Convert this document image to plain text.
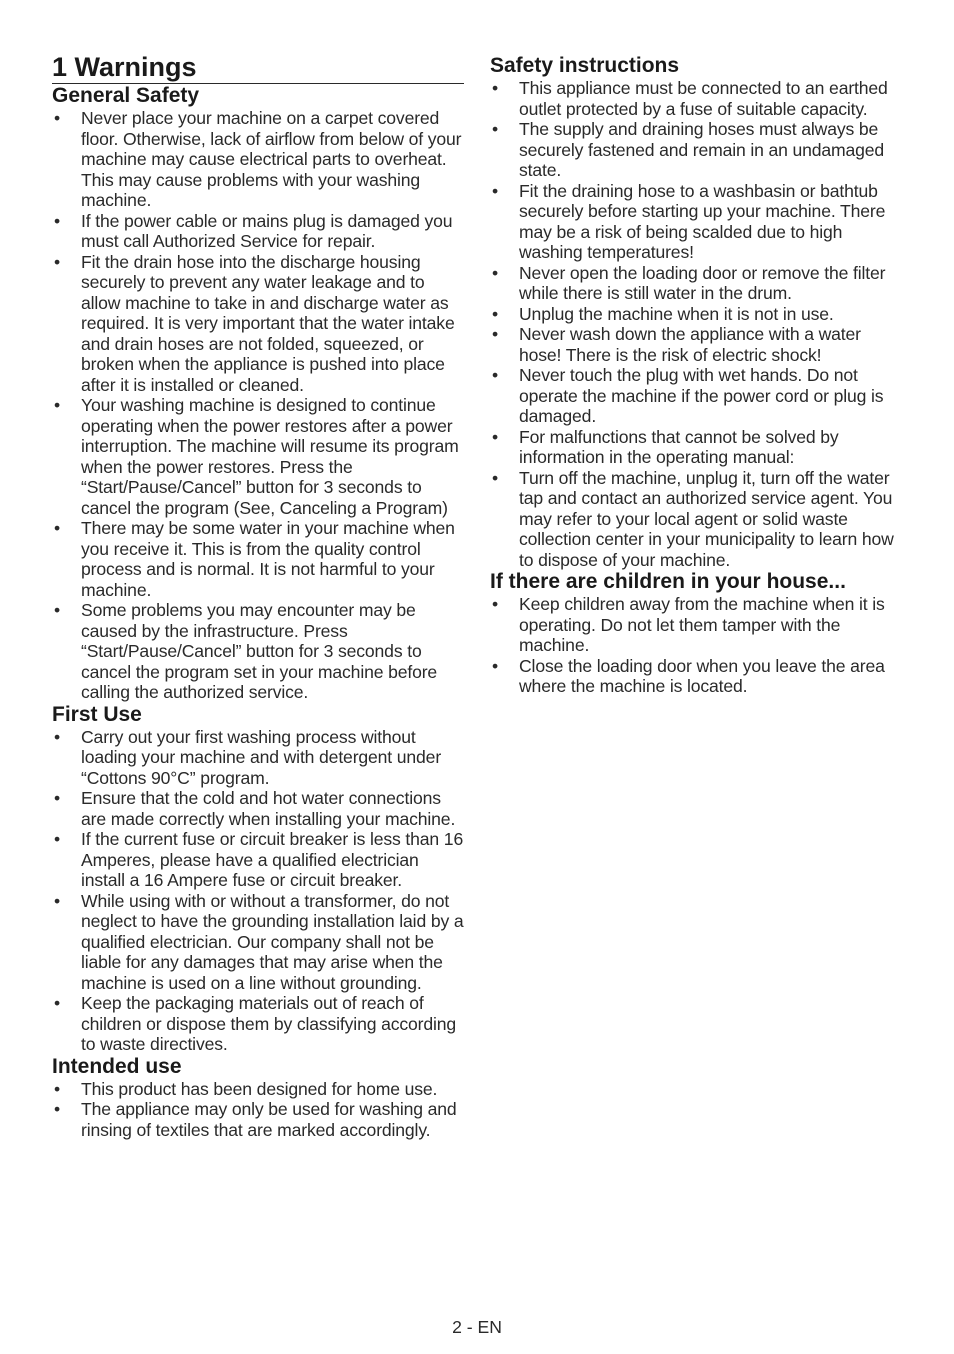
1 Warnings
General Safety
• Never place your machine on a carpet covered floor. Otherwise, lack of airflow from below of your machine may cause electrical parts to overheat. This may cause problems with your washing machine.
• If the power cable or mains plug is damaged you must call Authorized Service for repair.
• Fit the drain hose into the discharge housing securely to prevent any water leakage and to allow machine to take in and discharge water as required. It is very important that the water intake and drain hoses are not folded, squeezed, or broken when the appliance is pushed into place after it is installed or cleaned.
• Your washing machine is designed to continue operating when the power restores after a power interruption. The machine will resume its program when the power restores. Press the “Start/Pause/Cancel” button for 3 seconds to cancel the program (See, Canceling a Program)
• There may be some water in your machine when you receive it. This is from the quality control process and is normal. It is not harmful to your machine.
• Some problems you may encounter may be caused by the infrastructure. Press “Start/Pause/Cancel” button for 3 seconds to cancel the program set in your machine before calling the authorized service.
First Use
• Carry out your first washing process without loading your machine and with detergent under “Cottons 90°C” program.
• Ensure that the cold and hot water connections are made correctly when installing your machine.
• If the current fuse or circuit breaker is less than 16 Amperes, please have a qualified electrician install a 16 Ampere fuse or circuit breaker.
• While using with or without a transformer, do not neglect to have the grounding installation laid by a qualified electrician. Our company shall not be liable for any damages that may arise when the machine is used on a line without grounding.
• Keep the packaging materials out of reach of children or dispose them by classifying according to waste directives.
Intended use
• This product has been designed for home use.
• The appliance may only be used for washing and rinsing of textiles that are marked accordingly.
Safety instructions
• This appliance must be connected to an earthed outlet protected by a fuse of suitable capacity.
• The supply and draining hoses must always be securely fastened and remain in an undamaged state.
• Fit the draining hose to a washbasin or bathtub securely before starting up your machine. There may be a risk of being scalded due to high washing temperatures!
• Never open the loading door or remove the filter while there is still water in the drum.
• Unplug the machine when it is not in use.
• Never wash down the appliance with a water hose! There is the risk of electric shock!
• Never touch the plug with wet hands. Do not operate the machine if the power cord or plug is damaged.
• For malfunctions that cannot be solved by information in the operating manual:
• Turn off the machine, unplug it, turn off the water tap and contact an authorized service agent. You may refer to your local agent or solid waste collection center in your municipality to learn how to dispose of your machine.
If there are children in your house...
• Keep children away from the machine when it is operating. Do not let them tamper with the machine.
• Close the loading door when you leave the area where the machine is located.
2 - EN
